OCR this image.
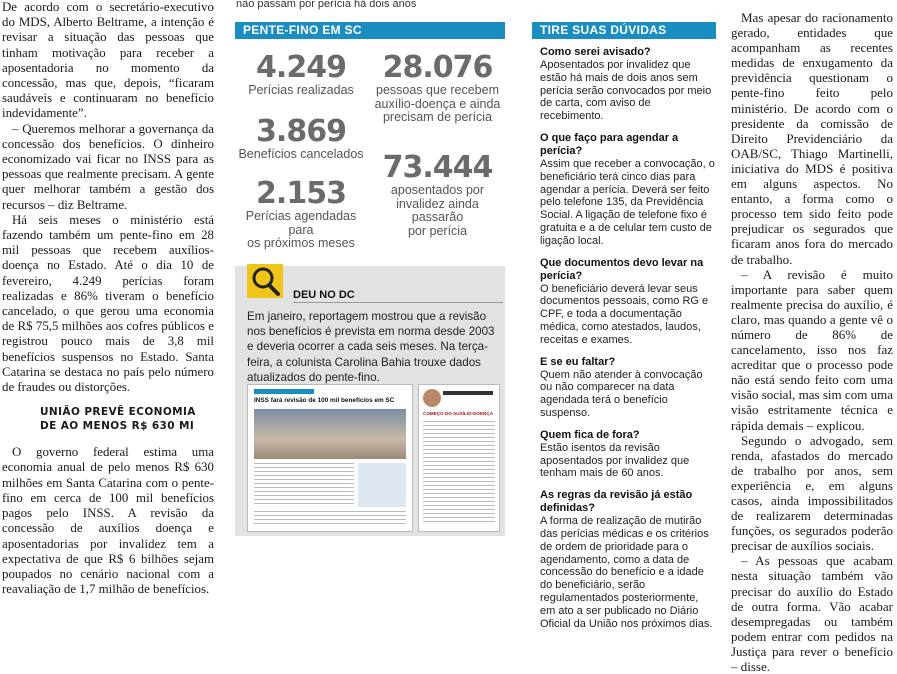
De acordo com o secretário-executivo do MDS, Alberto Beltrame, a intenção é revisar a situação das pessoas que tinham motivação para receber a aposentadoria no momento da concessão, mas que, depois, “ficaram saudáveis e continuaram no benefício indevidamente”.

– Queremos melhorar a governança da concessão dos benefícios. O dinheiro economizado vai ficar no INSS para as pessoas que realmente precisam. A gente quer melhorar também a gestão dos recursos – diz Beltrame.

Há seis meses o ministério está fazendo também um pente-fino em 28 mil pessoas que recebem auxílios-doença no Estado. Até o dia 10 de fevereiro, 4.249 perícias foram realizadas e 86% tiveram o benefício cancelado, o que gerou uma economia de R$ 75,5 milhões aos cofres públicos e registrou pouco mais de 3,8 mil benefícios suspensos no Estado. Santa Catarina se destaca no país pelo número de fraudes ou distorções.

UNIÃO PREVÊ ECONOMIA
DE AO MENOS R$ 630 MI

O governo federal estima uma economia anual de pelo menos R$ 630 milhões em Santa Catarina com o pente-fino em cerca de 100 mil benefícios pagos pelo INSS. A revisão da concessão de auxílios doença e aposentadorias por invalidez tem a expectativa de que R$ 6 bilhões sejam poupados no cenário nacional com a reavaliação de 1,7 milhão de benefícios.

não passam por perícia há dois anos
PENTE-FINO EM SC
4.249
Perícias realizadas
28.076
pessoas que recebem
auxílio-doença e ainda
precisam de perícia
3.869
Benefícios cancelados 73.444
aposentados por
invalidez ainda passarão
por perícia
2.153
Perícias agendadas para
os próximos meses
DEU NO DC
Em janeiro, reportagem mostrou que a revisão nos benefícios é prevista em norma desde 2003 e deveria ocorrer a cada seis meses. Na terça-feira, a colunista Carolina Bahia trouxe dados atualizados do pente-fino.
INSS fará revisão de 100 mil benefícios em SC
COMEÇO DO AUXÍLIO-DOENÇA
TIRE SUAS DÚVIDAS

Como serei avisado?

Aposentados por invalidez que estão há mais de dois anos sem perícia serão convocados por meio de carta, com aviso de recebimento.

O que faço para agendar a perícia?

Assim que receber a convocação, o beneficiário terá cinco dias para agendar a perícia. Deverá ser feito pelo telefone 135, da Previdência Social. A ligação de telefone fixo é gratuita e a de celular tem custo de ligação local.

Que documentos devo levar na perícia?

O beneficiário deverá levar seus documentos pessoais, como RG e CPF, e toda a documentação médica, como atestados, laudos, receitas e exames.

E se eu faltar?

Quem não atender à convocação ou não comparecer na data agendada terá o benefício suspenso.

Quem fica de fora?

Estão isentos da revisão aposentados por invalidez que tenham mais de 60 anos.

As regras da revisão já estão definidas?

A forma de realização de mutirão das perícias médicas e os critérios de ordem de prioridade para o agendamento, como a data de concessão do benefício e a idade do beneficiário, serão regulamentados posteriormente, em ato a ser publicado no Diário Oficial da União nos próximos dias.

Mas apesar do racionamento gerado, entidades que acompanham as recentes medidas de enxugamento da previdência questionam o pente-fino feito pelo ministério. De acordo com o presidente da comissão de Direito Previdenciário da OAB/SC, Thiago Martinelli, iniciativa do MDS é positiva em alguns aspectos. No entanto, a forma como o processo tem sido feito pode prejudicar os segurados que ficaram anos fora do mercado de trabalho.

– A revisão é muito importante para saber quem realmente precisa do auxílio, é claro, mas quando a gente vê o número de 86% de cancelamento, isso nos faz acreditar que o processo pode não está sendo feito com uma visão social, mas sim com uma visão estritamente técnica e rápida demais – explicou.

Segundo o advogado, sem renda, afastados do mercado de trabalho por anos, sem experiência e, em alguns casos, ainda impossibilitados de realizarem determinadas funções, os segurados poderão precisar de auxílios sociais.

– As pessoas que acabam nesta situação também vão precisar do auxílio do Estado de outra forma. Vão acabar desempregadas ou também podem entrar com pedidos na Justiça para rever o benefício – disse.
